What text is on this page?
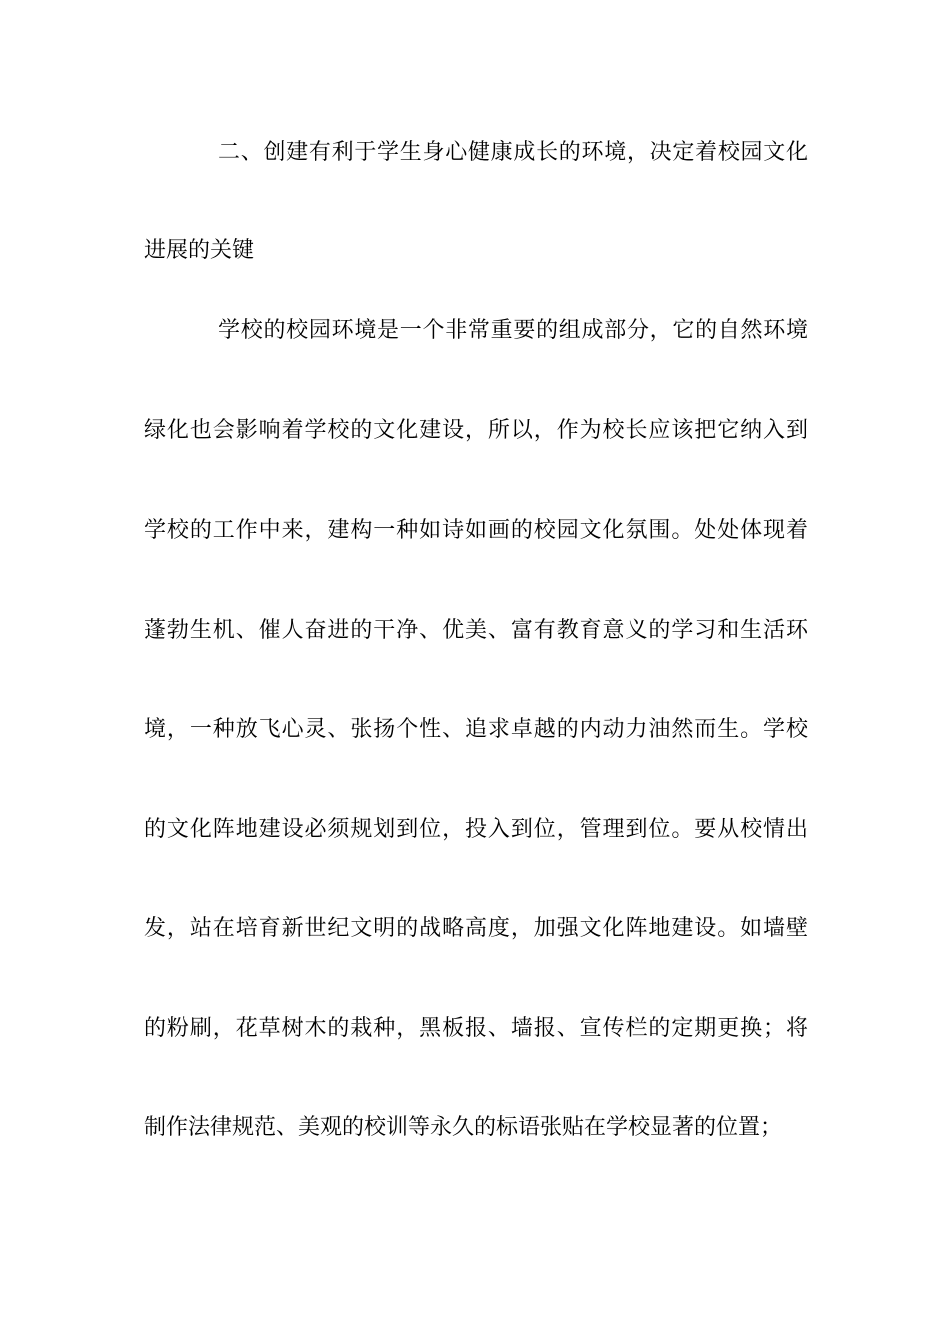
二、创建有利于学生身心健康成长的环境，决定着校园文化
进展的关键
学校的校园环境是一个非常重要的组成部分，它的自然环境
绿化也会影响着学校的文化建设，所以，作为校长应该把它纳入到
学校的工作中来，建构一种如诗如画的校园文化氛围。处处体现着
蓬勃生机、催人奋进的干净、优美、富有教育意义的学习和生活环
境，一种放飞心灵、张扬个性、追求卓越的内动力油然而生。学校
的文化阵地建设必须规划到位，投入到位，管理到位。要从校情出
发，站在培育新世纪文明的战略高度，加强文化阵地建设。如墙壁
的粉刷，花草树木的栽种，黑板报、墙报、宣传栏的定期更换；将
制作法律规范、美观的校训等永久的标语张贴在学校显著的位置；
